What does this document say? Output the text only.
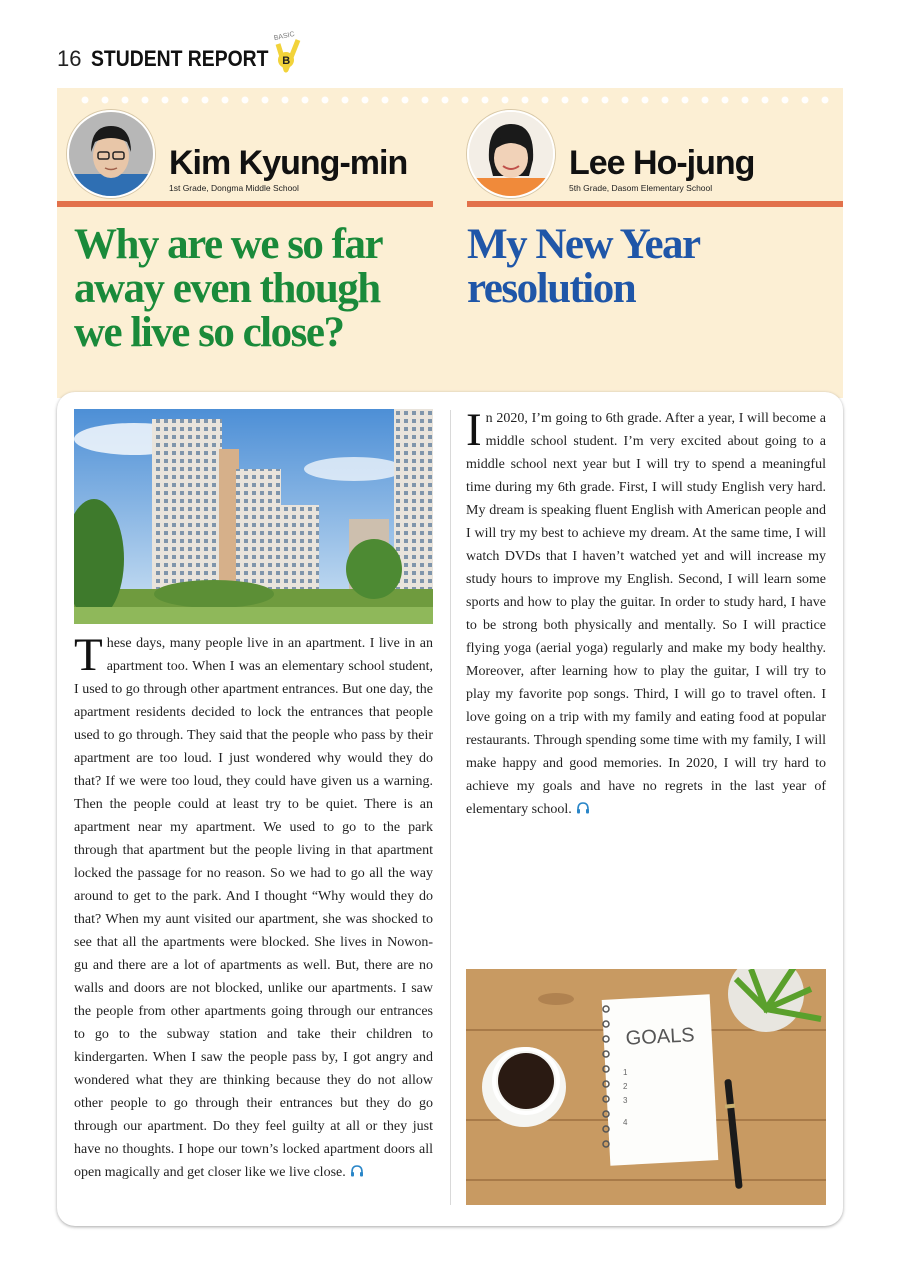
16 STUDENT REPORT
BASIC
B
Kim Kyung-min
1st Grade, Dongma Middle School
Lee Ho-jung
5th Grade, Dasom Elementary School
Why are we so far
away even though
we live so close?
My New Year
resolution
These days, many people live in an apartment. I live in an apartment too. When I was an elementary school student, I used to go through other apartment entrances. But one day, the apartment residents decided to lock the entrances that people used to go through. They said that the people who pass by their apartment are too loud. I just wondered why would they do that? If we were too loud, they could have given us a warning. Then the people could at least try to be quiet. There is an apartment near my apartment. We used to go to the park through that apartment but the people living in that apartment locked the passage for no reason. So we had to go all the way around to get to the park. And I thought “Why would they do that? When my aunt visited our apartment, she was shocked to see that all the apartments were blocked. She lives in Nowon-gu and there are a lot of apartments as well. But, there are no walls and doors are not blocked, unlike our apartments. I saw the people from other apartments going through our entrances to go to the subway station and take their children to kindergarten. When I saw the people pass by, I got angry and wondered what they are thinking because they do not allow other people to go through their entrances but they do go through our apartment. Do they feel guilty at all or they just have no thoughts. I hope our town’s locked apartment doors all open magically and get closer like we live close.
In 2020, I’m going to 6th grade. After a year, I will become a middle school student. I’m very excited about going to a middle school next year but I will try to spend a meaningful time during my 6th grade. First, I will study English very hard. My dream is speaking fluent English with American people and I will try my best to achieve my dream. At the same time, I will watch DVDs that I haven’t watched yet and will increase my study hours to improve my English. Second, I will learn some sports and how to play the guitar. In order to study hard, I have to be strong both physically and mentally. So I will practice flying yoga (aerial yoga) regularly and make my body healthy. Moreover, after learning how to play the guitar, I will try to play my favorite pop songs. Third, I will go to travel often. I love going on a trip with my family and eating food at popular restaurants. Through spending some time with my family, I will make happy and good memories. In 2020, I will try hard to achieve my goals and have no regrets in the last year of elementary school.
GOALS
1
2
3
4
